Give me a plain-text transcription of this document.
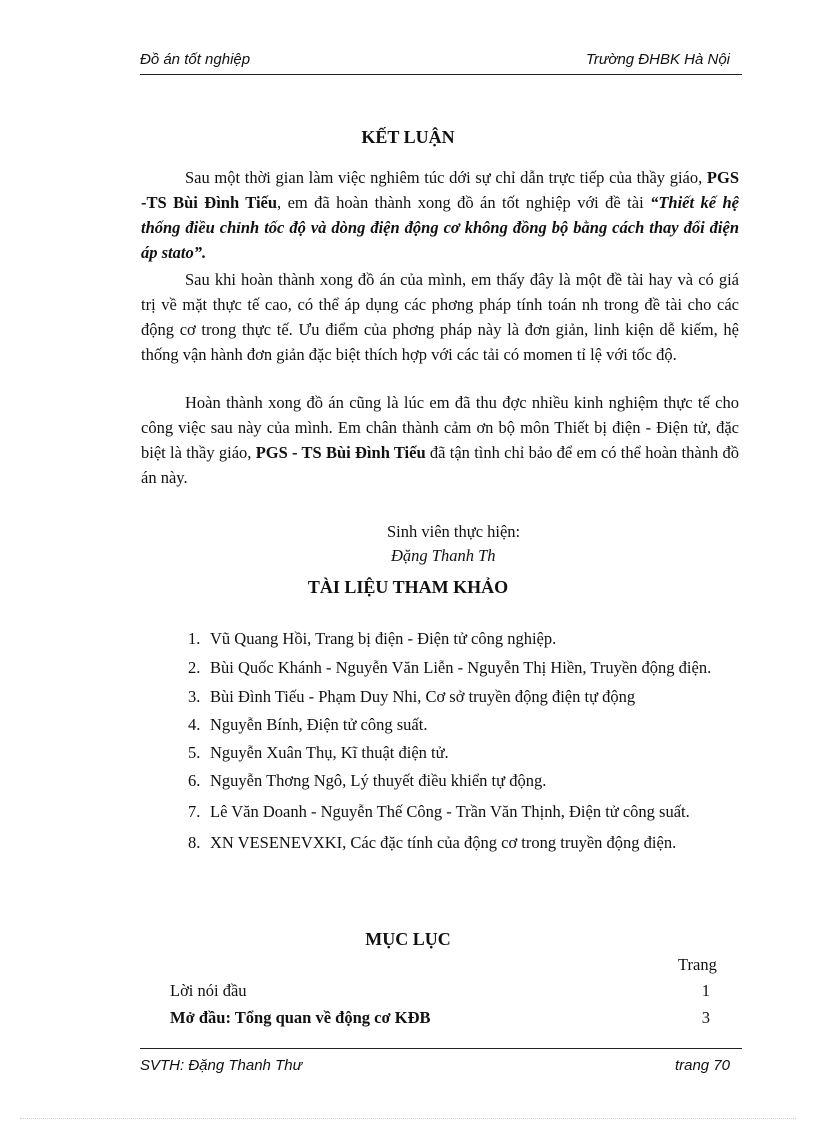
Đồ án tốt nghiệp	Trường ĐHBK Hà Nội
KẾT LUẬN

Sau một thời gian làm việc nghiêm túc dới sự chỉ dẫn trực tiếp của thầy giáo, PGS -TS Bùi Đình Tiếu, em đã hoàn thành xong đồ án tốt nghiệp với đề tài “Thiết kế hệ thống điều chỉnh tốc độ và dòng điện động cơ không đồng bộ bằng cách thay đổi điện áp stato”.

Sau khi hoàn thành xong đồ án của mình, em thấy đây là một đề tài hay và có giá trị về mặt thực tế cao, có thể áp dụng các phơng pháp tính toán nh trong đề tài cho các động cơ trong thực tế. Ưu điểm của phơng pháp này là đơn giản, linh kiện dễ kiếm, hệ thống vận hành đơn giản đặc biệt thích hợp với các tải có momen tỉ lệ với tốc độ.

Hoàn thành xong đồ án cũng là lúc em đã thu đợc nhiều kinh nghiệm thực tế cho công việc sau này của mình. Em chân thành cảm ơn bộ môn Thiết bị điện - Điện tử, đặc biệt là thầy giáo, PGS - TS Bùi Đình Tiếu đã tận tình chỉ bảo để em có thể hoàn thành đồ án này.

Sinh viên thực hiện:
Đặng Thanh Th
TÀI LIỆU THAM KHẢO
1. Vũ Quang Hồi, Trang bị điện - Điện tử công nghiệp.
2. Bùi Quốc Khánh - Nguyễn Văn Liễn - Nguyễn Thị Hiền, Truyền động điện.
3. Bùi Đình Tiếu - Phạm Duy Nhi, Cơ sở truyền động điện tự động
4. Nguyễn Bính, Điện tử công suất.
5. Nguyễn Xuân Thụ, Kĩ thuật điện tử.
6. Nguyễn Thơng Ngô, Lý thuyết điều khiển tự động.
7. Lê Văn Doanh - Nguyễn Thế Công - Trần Văn Thịnh, Điện tử công suất.
8. XN VESENEVXKI, Các đặc tính của động cơ trong truyền động điện.
MỤC LỤC
Trang
Lời nói đầu	1
Mở đầu: Tổng quan về động cơ KĐB	3
SVTH: Đặng Thanh Thư	trang 70
